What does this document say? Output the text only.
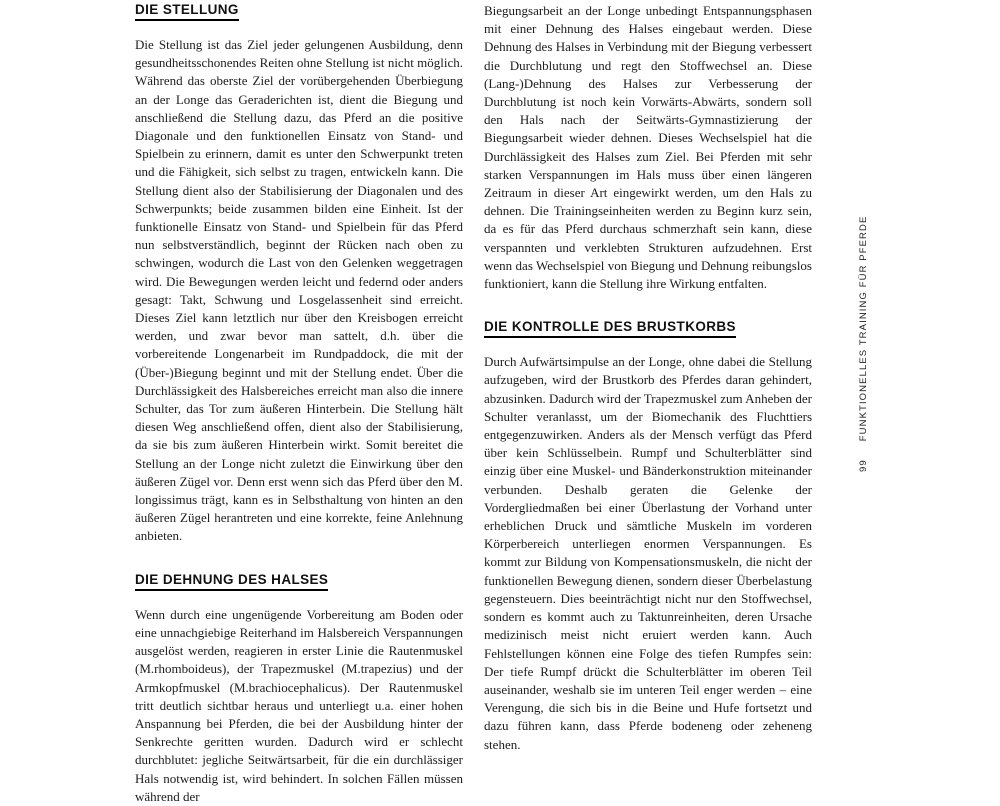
DIE STELLUNG

Die Stellung ist das Ziel jeder gelungenen Ausbildung, denn gesundheitsschonendes Reiten ohne Stellung ist nicht möglich. Während das oberste Ziel der vorübergehenden Überbiegung an der Longe das Geraderichten ist, dient die Biegung und anschließend die Stellung dazu, das Pferd an die positive Diagonale und den funktionellen Einsatz von Stand- und Spielbein zu erinnern, damit es unter den Schwerpunkt treten und die Fähigkeit, sich selbst zu tragen, entwickeln kann. Die Stellung dient also der Stabilisierung der Diagonalen und des Schwerpunkts; beide zusammen bilden eine Einheit. Ist der funktionelle Einsatz von Stand- und Spielbein für das Pferd nun selbstverständlich, beginnt der Rücken nach oben zu schwingen, wodurch die Last von den Gelenken weggetragen wird. Die Bewegungen werden leicht und federnd oder anders gesagt: Takt, Schwung und Losgelassenheit sind erreicht. Dieses Ziel kann letztlich nur über den Kreisbogen erreicht werden, und zwar bevor man sattelt, d.h. über die vorbereitende Longenarbeit im Rundpaddock, die mit der (Über-)Biegung beginnt und mit der Stellung endet. Über die Durchlässigkeit des Halsbereiches erreicht man also die innere Schulter, das Tor zum äußeren Hinterbein. Die Stellung hält diesen Weg anschließend offen, dient also der Stabilisierung, da sie bis zum äußeren Hinterbein wirkt. Somit bereitet die Stellung an der Longe nicht zuletzt die Einwirkung über den äußeren Zügel vor. Denn erst wenn sich das Pferd über den M. longissimus trägt, kann es in Selbsthaltung von hinten an den äußeren Zügel herantreten und eine korrekte, feine Anlehnung anbieten.

DIE DEHNUNG DES HALSES

Wenn durch eine ungenügende Vorbereitung am Boden oder eine unnachgiebige Reiterhand im Halsbereich Verspannungen ausgelöst werden, reagieren in erster Linie die Rautenmuskel (M.rhomboideus), der Trapezmuskel (M.trapezius) und der Armkopfmuskel (M.brachiocephalicus). Der Rautenmuskel tritt deutlich sichtbar heraus und unterliegt u.a. einer hohen Anspannung bei Pferden, die bei der Ausbildung hinter der Senkrechte geritten wurden. Dadurch wird er schlecht durchblutet: jegliche Seitwärtsarbeit, für die ein durchlässiger Hals notwendig ist, wird behindert. In solchen Fällen müssen während der

Biegungsarbeit an der Longe unbedingt Entspannungsphasen mit einer Dehnung des Halses eingebaut werden. Diese Dehnung des Halses in Verbindung mit der Biegung verbessert die Durchblutung und regt den Stoffwechsel an. Diese (Lang-)Dehnung des Halses zur Verbesserung der Durchblutung ist noch kein Vorwärts-Abwärts, sondern soll den Hals nach der Seitwärts-Gymnastizierung der Biegungsarbeit wieder dehnen. Dieses Wechselspiel hat die Durchlässigkeit des Halses zum Ziel. Bei Pferden mit sehr starken Verspannungen im Hals muss über einen längeren Zeitraum in dieser Art eingewirkt werden, um den Hals zu dehnen. Die Trainingseinheiten werden zu Beginn kurz sein, da es für das Pferd durchaus schmerzhaft sein kann, diese verspannten und verklebten Strukturen aufzudehnen. Erst wenn das Wechselspiel von Biegung und Dehnung reibungslos funktioniert, kann die Stellung ihre Wirkung entfalten.

DIE KONTROLLE DES BRUSTKORBS

Durch Aufwärtsimpulse an der Longe, ohne dabei die Stellung aufzugeben, wird der Brustkorb des Pferdes daran gehindert, abzusinken. Dadurch wird der Trapezmuskel zum Anheben der Schulter veranlasst, um der Biomechanik des Fluchttiers entgegenzuwirken. Anders als der Mensch verfügt das Pferd über kein Schlüsselbein. Rumpf und Schulterblätter sind einzig über eine Muskel- und Bänderkonstruktion miteinander verbunden. Deshalb geraten die Gelenke der Vordergliedmaßen bei einer Überlastung der Vorhand unter erheblichen Druck und sämtliche Muskeln im vorderen Körperbereich unterliegen enormen Verspannungen. Es kommt zur Bildung von Kompensationsmuskeln, die nicht der funktionellen Bewegung dienen, sondern dieser Überbelastung gegensteuern. Dies beeinträchtigt nicht nur den Stoffwechsel, sondern es kommt auch zu Taktunreinheiten, deren Ursache medizinisch meist nicht eruiert werden kann. Auch Fehlstellungen können eine Folge des tiefen Rumpfes sein: Der tiefe Rumpf drückt die Schulterblätter im oberen Teil auseinander, weshalb sie im unteren Teil enger werden – eine Verengung, die sich bis in die Beine und Hufe fortsetzt und dazu führen kann, dass Pferde bodeneng oder zeheneng stehen.

99
FUNKTIONELLES TRAINING FÜR PFERDE
